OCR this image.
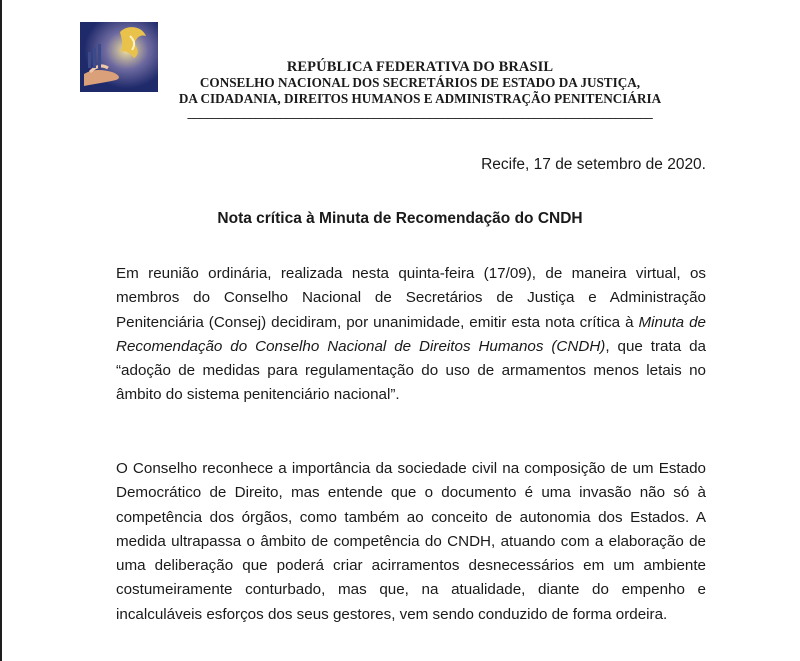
REPÚBLICA FEDERATIVA DO BRASIL
CONSELHO NACIONAL DOS SECRETÁRIOS DE ESTADO DA JUSTIÇA,
DA CIDADANIA, DIREITOS HUMANOS E ADMINISTRAÇÃO PENITENCIÁRIA
___________________________________________________________________________
Recife, 17 de setembro de 2020.
Nota crítica à Minuta de Recomendação do CNDH

Em reunião ordinária, realizada nesta quinta-feira (17/09), de maneira virtual, os membros do Conselho Nacional de Secretários de Justiça e Administração Penitenciária (Consej) decidiram, por unanimidade, emitir esta nota crítica à Minuta de Recomendação do Conselho Nacional de Direitos Humanos (CNDH), que trata da “adoção de medidas para regulamentação do uso de armamentos menos letais no âmbito do sistema penitenciário nacional”.

O Conselho reconhece a importância da sociedade civil na composição de um Estado Democrático de Direito, mas entende que o documento é uma invasão não só à competência dos órgãos, como também ao conceito de autonomia dos Estados. A medida ultrapassa o âmbito de competência do CNDH, atuando com a elaboração de uma deliberação que poderá criar acirramentos desnecessários em um ambiente costumeiramente conturbado, mas que, na atualidade, diante do empenho e incalculáveis esforços dos seus gestores, vem sendo conduzido de forma ordeira.
